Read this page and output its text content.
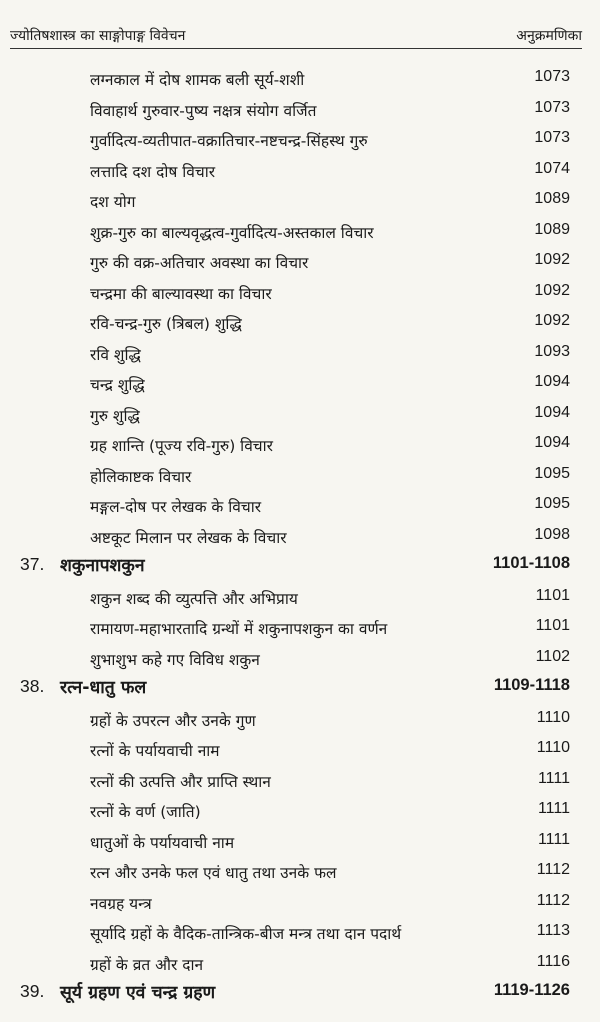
ज्योतिषशास्त्र का साङ्गोपाङ्ग विवेचन	अनुक्रमणिका
लग्नकाल में दोष शामक बली सूर्य-शशी	1073
विवाहार्थ गुरुवार-पुष्य नक्षत्र संयोग वर्जित	1073
गुर्वादित्य-व्यतीपात-वक्रातिचार-नष्टचन्द्र-सिंहस्थ गुरु	1073
लत्तादि दश दोष विचार	1074
दश योग	1089
शुक्र-गुरु का बाल्यवृद्धत्व-गुर्वादित्य-अस्तकाल विचार	1089
गुरु की वक्र-अतिचार अवस्था का विचार	1092
चन्द्रमा की बाल्यावस्था का विचार	1092
रवि-चन्द्र-गुरु (त्रिबल) शुद्धि	1092
रवि शुद्धि	1093
चन्द्र शुद्धि	1094
गुरु शुद्धि	1094
ग्रह शान्ति (पूज्य रवि-गुरु) विचार	1094
होलिकाष्टक विचार	1095
मङ्गल-दोष पर लेखक के विचार	1095
अष्टकूट मिलान पर लेखक के विचार	1098
37. शकुनापशकुन	1101-1108
शकुन शब्द की व्युत्पत्ति और अभिप्राय	1101
रामायण-महाभारतादि ग्रन्थों में शकुनापशकुन का वर्णन	1101
शुभाशुभ कहे गए विविध शकुन	1102
38. रत्न-धातु फल	1109-1118
ग्रहों के उपरत्न और उनके गुण	1110
रत्नों के पर्यायवाची नाम	1110
रत्नों की उत्पत्ति और प्राप्ति स्थान	1111
रत्नों के वर्ण (जाति)	1111
धातुओं के पर्यायवाची नाम	1111
रत्न और उनके फल एवं धातु तथा उनके फल	1112
नवग्रह यन्त्र	1112
सूर्यादि ग्रहों के वैदिक-तान्त्रिक-बीज मन्त्र तथा दान पदार्थ	1113
ग्रहों के व्रत और दान	1116
39. सूर्य ग्रहण एवं चन्द्र ग्रहण	1119-1126
